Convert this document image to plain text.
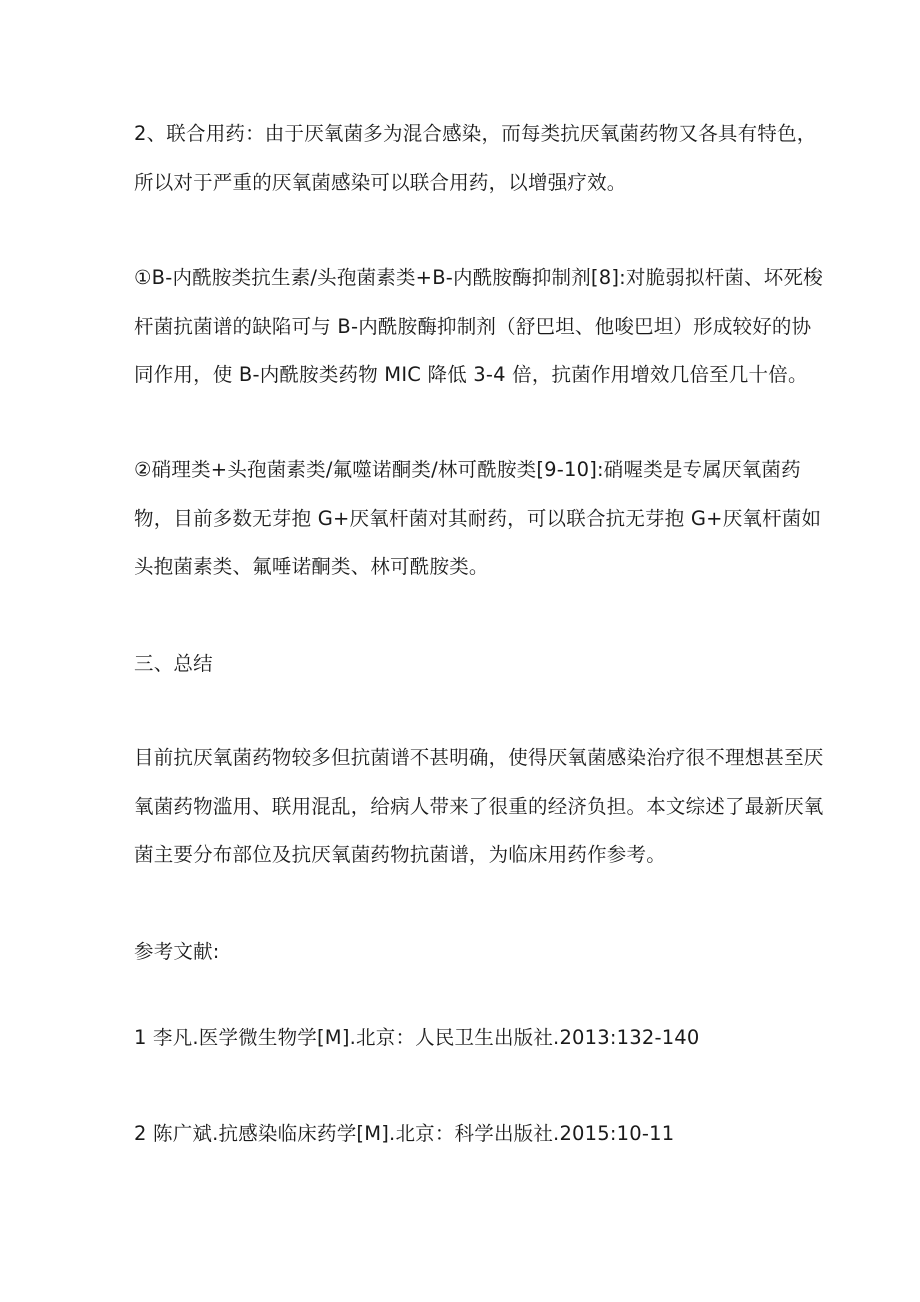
2、联合用药：由于厌氧菌多为混合感染，而每类抗厌氧菌药物又各具有特色，
所以对于严重的厌氧菌感染可以联合用药，以增强疗效。
①B-内酰胺类抗生素/头孢菌素类+B-内酰胺酶抑制剂[8]:对脆弱拟杆菌、坏死梭
杆菌抗菌谱的缺陷可与 B-内酰胺酶抑制剂（舒巴坦、他唆巴坦）形成较好的协
同作用，使 B-内酰胺类药物 MIC 降低 3-4 倍，抗菌作用增效几倍至几十倍。
②硝理类+头孢菌素类/氟噬诺酮类/林可酰胺类[9-10]:硝喔类是专属厌氧菌药
物，目前多数无芽抱 G+厌氧杆菌对其耐药，可以联合抗无芽抱 G+厌氧杆菌如
头抱菌素类、氟唾诺酮类、林可酰胺类。
三、总结
目前抗厌氧菌药物较多但抗菌谱不甚明确，使得厌氧菌感染治疗很不理想甚至厌
氧菌药物滥用、联用混乱，给病人带来了很重的经济负担。本文综述了最新厌氧
菌主要分布部位及抗厌氧菌药物抗菌谱，为临床用药作参考。
参考文献:
1 李凡.医学微生物学[M].北京：人民卫生出版社.2013:132-140
2 陈广斌.抗感染临床药学[M].北京：科学出版社.2015:10-11
